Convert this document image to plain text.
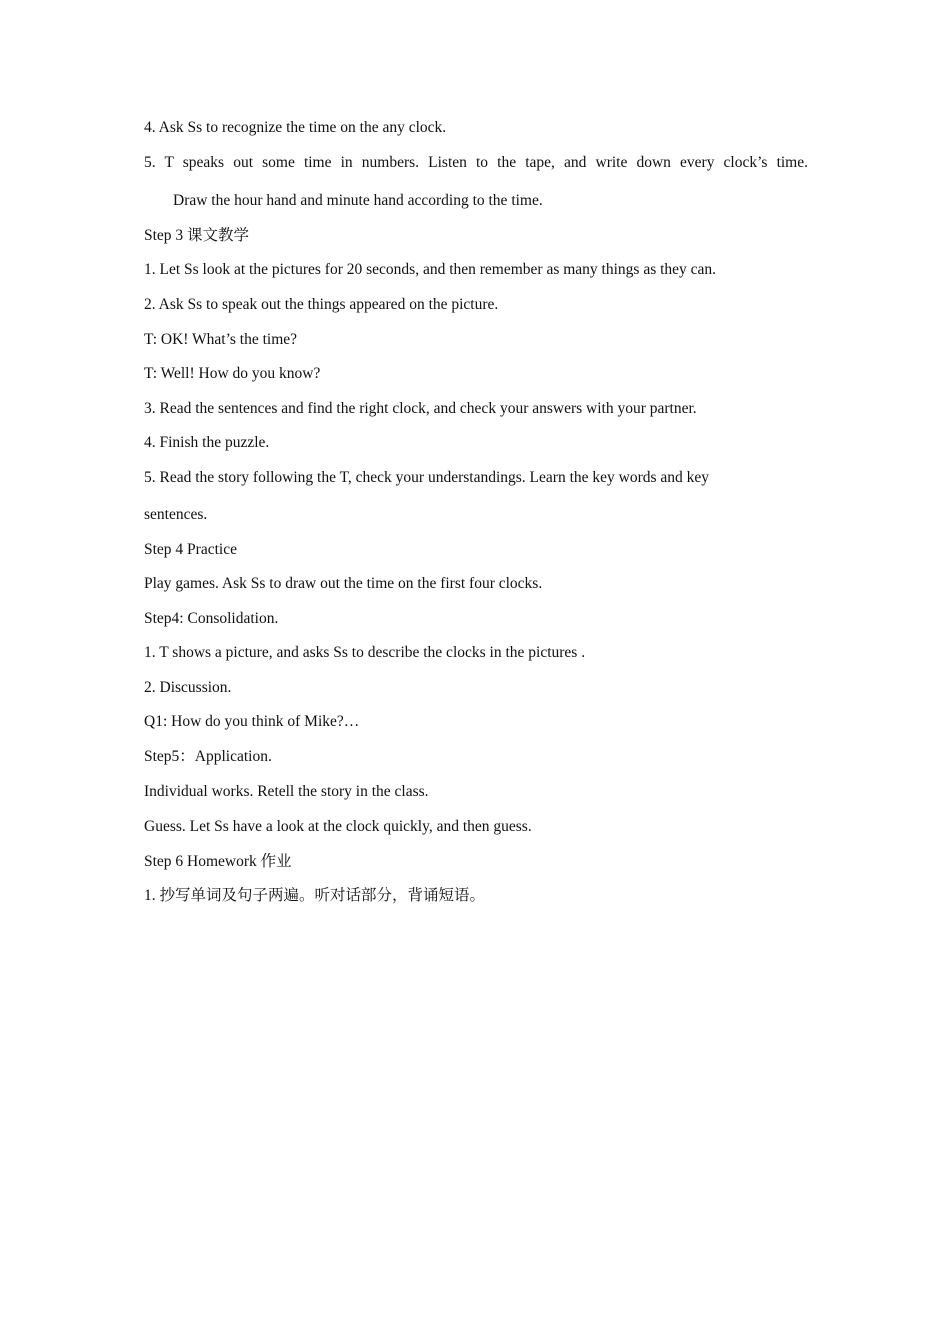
4. Ask Ss to recognize the time on the any clock.
5. T speaks out some time in numbers. Listen to the tape, and write down every clock’s time.
Draw the hour hand and minute hand according to the time.
Step 3 课文教学
1. Let Ss look at the pictures for 20 seconds, and then remember as many things as they can.
2. Ask Ss to speak out the things appeared on the picture.
T: OK! What’s the time?
T: Well! How do you know?
3. Read the sentences and find the right clock, and check your answers with your partner.
4. Finish the puzzle.
5. Read the story following the T, check your understandings. Learn the key words and key
sentences.
Step 4 Practice
Play games. Ask Ss to draw out the time on the first four clocks.
Step4: Consolidation.
1. T shows a picture, and asks Ss to describe the clocks in the pictures .
2. Discussion.
Q1: How do you think of Mike?…
Step5：Application.
Individual works. Retell the story in the class.
Guess. Let Ss have a look at the clock quickly, and then guess.
Step 6 Homework 作业
1. 抄写单词及句子两遍。听对话部分，背诵短语。
